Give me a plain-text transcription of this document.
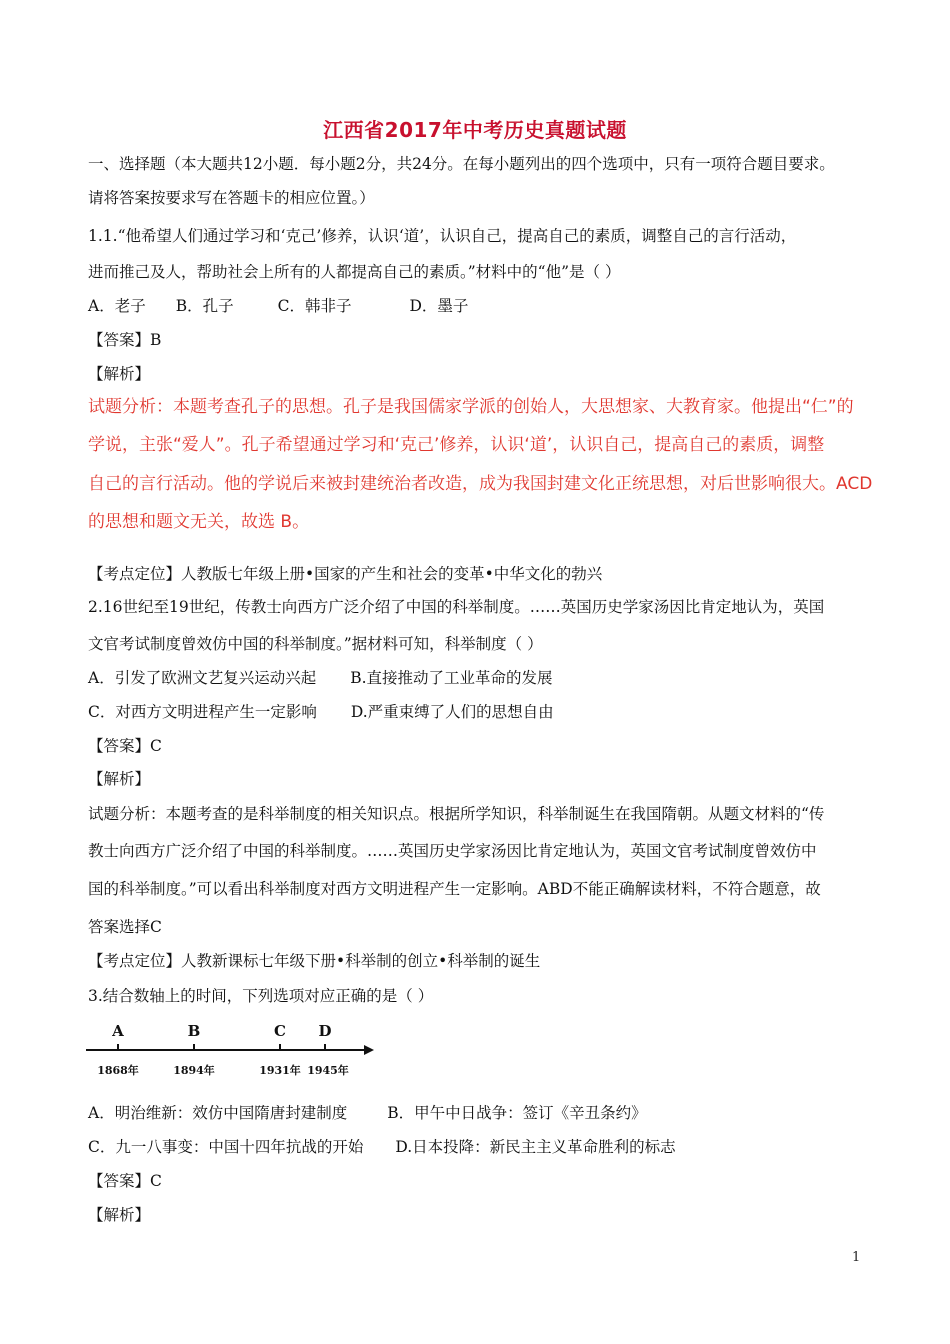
江西省2017年中考历史真题试题
一、选择题（本大题共12小题．每小题2分，共24分。在每小题列出的四个选项中，只有一项符合题目要求。
请将答案按要求写在答题卡的相应位置。）
1.1.“他希望人们通过学习和‘克己’修养，认识‘道’，认识自己，提高自己的素质，调整自己的言行活动，
进而推己及人，帮助社会上所有的人都提高自己的素质。”材料中的“他”是（ ）
A．老子 B．孔子	C．韩非子	D．墨子
【答案】B
【解析】
试题分析：本题考查孔子的思想。孔子是我国儒家学派的创始人，大思想家、大教育家。他提出“仁”的
学说，主张“爱人”。孔子希望通过学习和‘克己’修养，认识‘道’，认识自己，提高自己的素质，调整
自己的言行活动。他的学说后来被封建统治者改造，成为我国封建文化正统思想，对后世影响很大。ACD
的思想和题文无关，故选 B。
【考点定位】人教版七年级上册•国家的产生和社会的变革•中华文化的勃兴
2.16世纪至19世纪，传教士向西方广泛介绍了中国的科举制度。……英国历史学家汤因比肯定地认为，英国
文官考试制度曾效仿中国的科举制度。”据材料可知，科举制度（ ）
A．引发了欧洲文艺复兴运动兴起 B.直接推动了工业革命的发展
C．对西方文明进程产生一定影响 D.严重束缚了人们的思想自由
【答案】C
【解析】
试题分析：本题考查的是科举制度的相关知识点。根据所学知识，科举制诞生在我国隋朝。从题文材料的“传
教士向西方广泛介绍了中国的科举制度。……英国历史学家汤因比肯定地认为，英国文官考试制度曾效仿中
国的科举制度。”可以看出科举制度对西方文明进程产生一定影响。ABD不能正确解读材料，不符合题意，故
答案选择C
【考点定位】人教新课标七年级下册•科举制的创立•科举制的诞生
3.结合数轴上的时间，下列选项对应正确的是（ ）
A	B	C D
1868年	1894年	1931年 1945年
A．明治维新：效仿中国隋唐封建制度	B．甲午中日战争：签订《辛丑条约》
C．九一八事变：中国十四年抗战的开始 D.日本投降：新民主主义革命胜利的标志
【答案】C
【解析】
1
